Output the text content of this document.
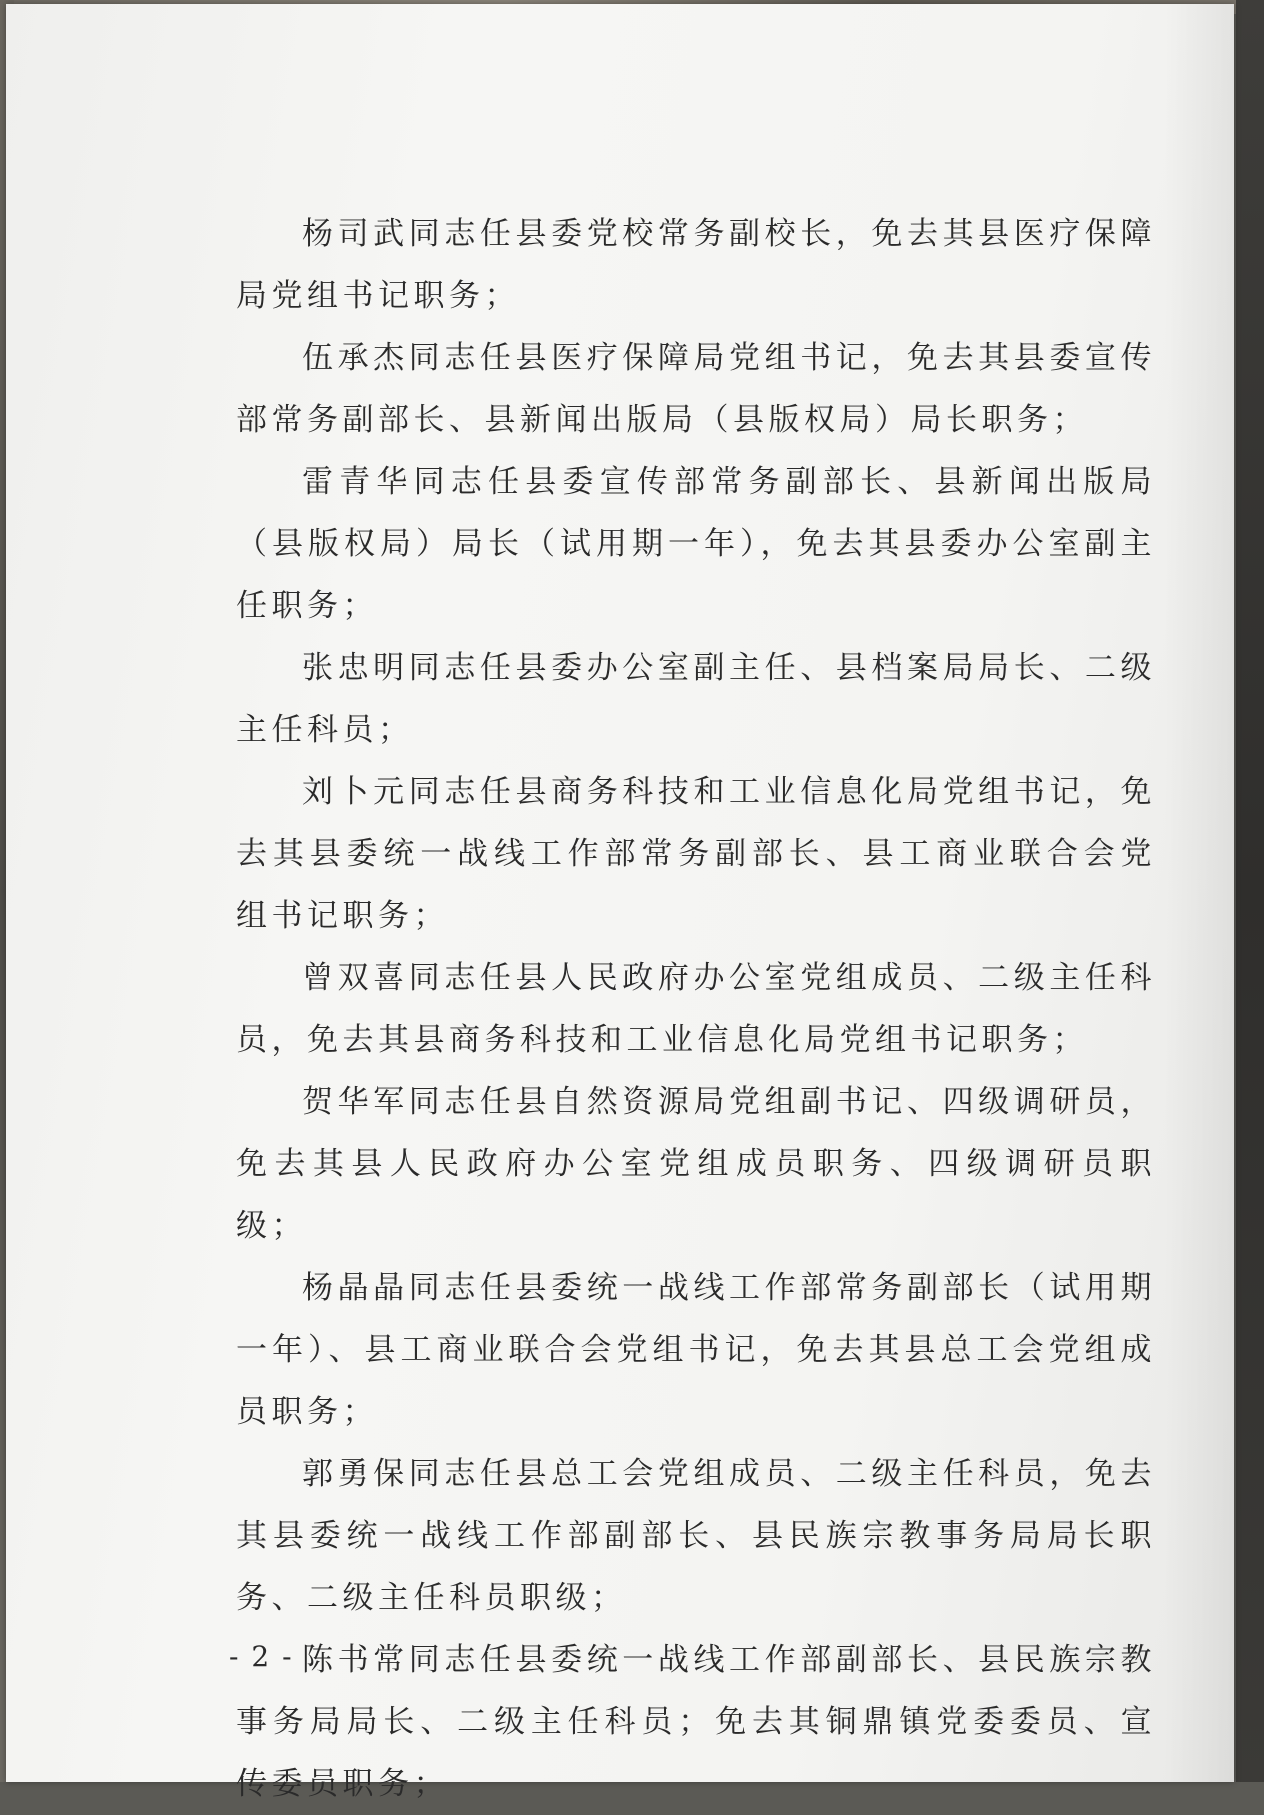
杨司武同志任县委党校常务副校长，免去其县医疗保障局党组书记职务；

伍承杰同志任县医疗保障局党组书记，免去其县委宣传部常务副部长、县新闻出版局（县版权局）局长职务；

雷青华同志任县委宣传部常务副部长、县新闻出版局（县版权局）局长（试用期一年），免去其县委办公室副主任职务；

张忠明同志任县委办公室副主任、县档案局局长、二级主任科员；

刘卜元同志任县商务科技和工业信息化局党组书记，免去其县委统一战线工作部常务副部长、县工商业联合会党组书记职务；

曾双喜同志任县人民政府办公室党组成员、二级主任科员，免去其县商务科技和工业信息化局党组书记职务；

贺华军同志任县自然资源局党组副书记、四级调研员，免去其县人民政府办公室党组成员职务、四级调研员职级；

杨晶晶同志任县委统一战线工作部常务副部长（试用期一年）、县工商业联合会党组书记，免去其县总工会党组成员职务；

郭勇保同志任县总工会党组成员、二级主任科员，免去其县委统一战线工作部副部长、县民族宗教事务局局长职务、二级主任科员职级；

陈书常同志任县委统一战线工作部副部长、县民族宗教事务局局长、二级主任科员；免去其铜鼎镇党委委员、宣传委员职务；

- 2 -
